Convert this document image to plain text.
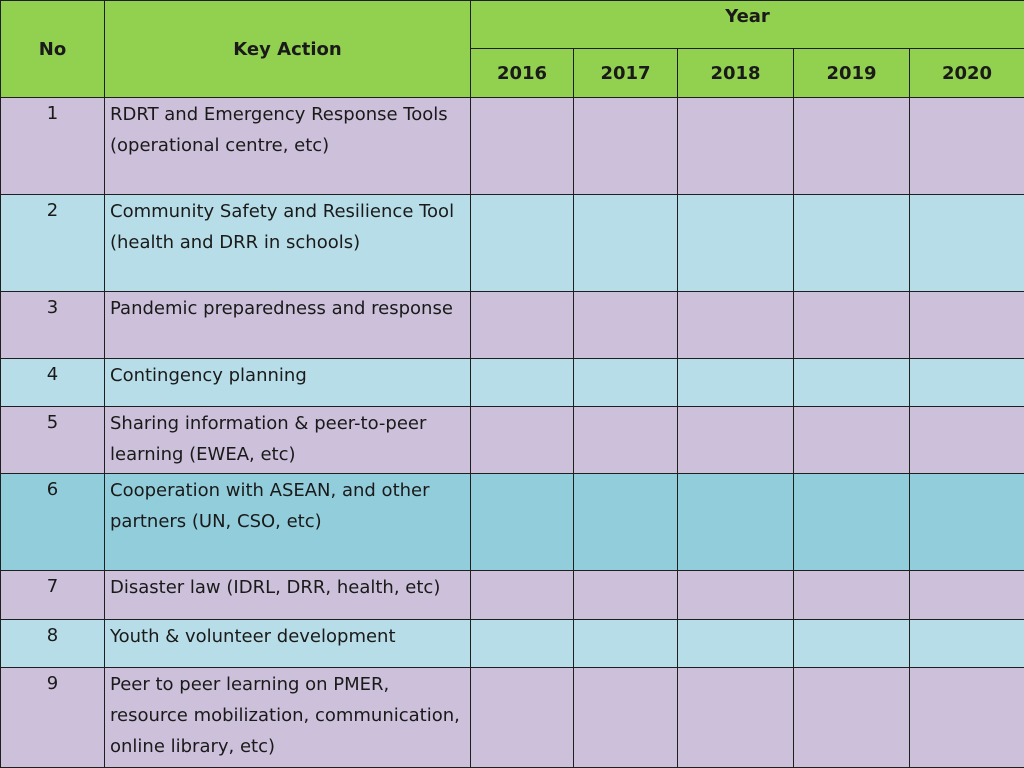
No	Key Action	Year				
		2016	2017	2018	2019	2020
1	RDRT and Emergency Response Tools (operational centre, etc)					

2	Community Safety and Resilience Tool (health and DRR in schools)					

3	Pandemic preparedness and response					

4	Contingency planning					

5	Sharing information & peer-to-peer learning (EWEA, etc)					

6	Cooperation with ASEAN, and other partners (UN, CSO, etc)					

7	Disaster law (IDRL, DRR, health, etc)					

8	Youth & volunteer development					

9	Peer to peer learning on PMER, resource mobilization, communication, online library, etc)					
